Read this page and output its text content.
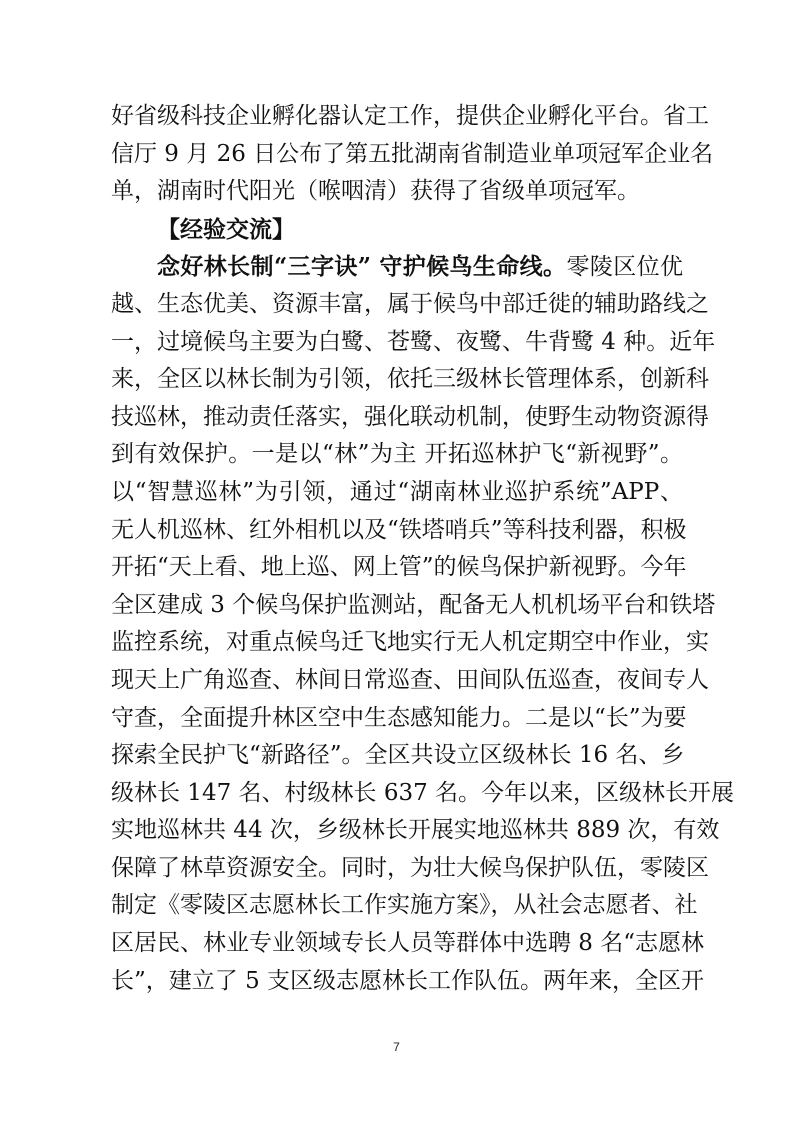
好省级科技企业孵化器认定工作，提供企业孵化平台。省工
信厅 9 月 26 日公布了第五批湖南省制造业单项冠军企业名
单，湖南时代阳光（喉咽清）获得了省级单项冠军。
【经验交流】
念好林长制“三字诀” 守护候鸟生命线。零陵区位优
越、生态优美、资源丰富，属于候鸟中部迁徙的辅助路线之
一，过境候鸟主要为白鹭、苍鹭、夜鹭、牛背鹭 4 种。近年
来，全区以林长制为引领，依托三级林长管理体系，创新科
技巡林，推动责任落实，强化联动机制，使野生动物资源得
到有效保护。一是以“林”为主 开拓巡林护飞“新视野”。
以“智慧巡林”为引领，通过“湖南林业巡护系统”APP、
无人机巡林、红外相机以及“铁塔哨兵”等科技利器，积极
开拓“天上看、地上巡、网上管”的候鸟保护新视野。今年
全区建成 3 个候鸟保护监测站，配备无人机机场平台和铁塔
监控系统，对重点候鸟迁飞地实行无人机定期空中作业，实
现天上广角巡查、林间日常巡查、田间队伍巡查，夜间专人
守查，全面提升林区空中生态感知能力。二是以“长”为要
探索全民护飞“新路径”。全区共设立区级林长 16 名、乡
级林长 147 名、村级林长 637 名。今年以来，区级林长开展
实地巡林共 44 次，乡级林长开展实地巡林共 889 次，有效
保障了林草资源安全。同时，为壮大候鸟保护队伍，零陵区
制定《零陵区志愿林长工作实施方案》，从社会志愿者、社
区居民、林业专业领域专长人员等群体中选聘 8 名“志愿林
长”，建立了 5 支区级志愿林长工作队伍。两年来，全区开
7
